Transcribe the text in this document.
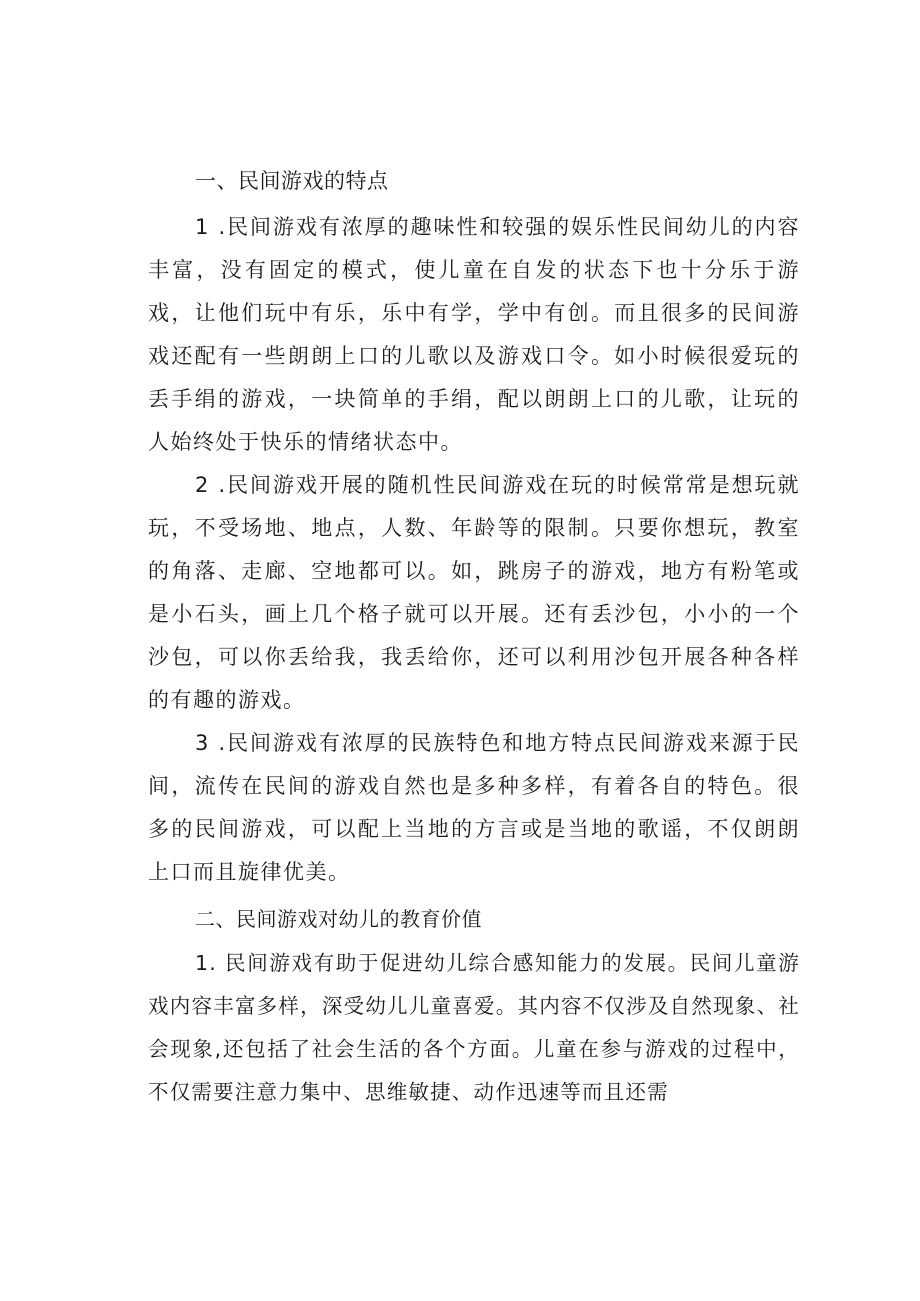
一、民间游戏的特点

1 .民间游戏有浓厚的趣味性和较强的娱乐性民间幼儿的内容丰富，没有固定的模式，使儿童在自发的状态下也十分乐于游戏，让他们玩中有乐，乐中有学，学中有创。而且很多的民间游戏还配有一些朗朗上口的儿歌以及游戏口令。如小时候很爱玩的丢手绢的游戏，一块简单的手绢，配以朗朗上口的儿歌，让玩的人始终处于快乐的情绪状态中。

2 .民间游戏开展的随机性民间游戏在玩的时候常常是想玩就玩，不受场地、地点，人数、年龄等的限制。只要你想玩，教室的角落、走廊、空地都可以。如，跳房子的游戏，地方有粉笔或是小石头，画上几个格子就可以开展。还有丢沙包，小小的一个沙包，可以你丢给我，我丢给你，还可以利用沙包开展各种各样的有趣的游戏。

3 .民间游戏有浓厚的民族特色和地方特点民间游戏来源于民间，流传在民间的游戏自然也是多种多样，有着各自的特色。很多的民间游戏，可以配上当地的方言或是当地的歌谣，不仅朗朗上口而且旋律优美。

二、民间游戏对幼儿的教育价值

1. 民间游戏有助于促进幼儿综合感知能力的发展。民间儿童游戏内容丰富多样，深受幼儿儿童喜爱。其内容不仅涉及自然现象、社会现象,还包括了社会生活的各个方面。儿童在参与游戏的过程中，不仅需要注意力集中、思维敏捷、动作迅速等而且还需
